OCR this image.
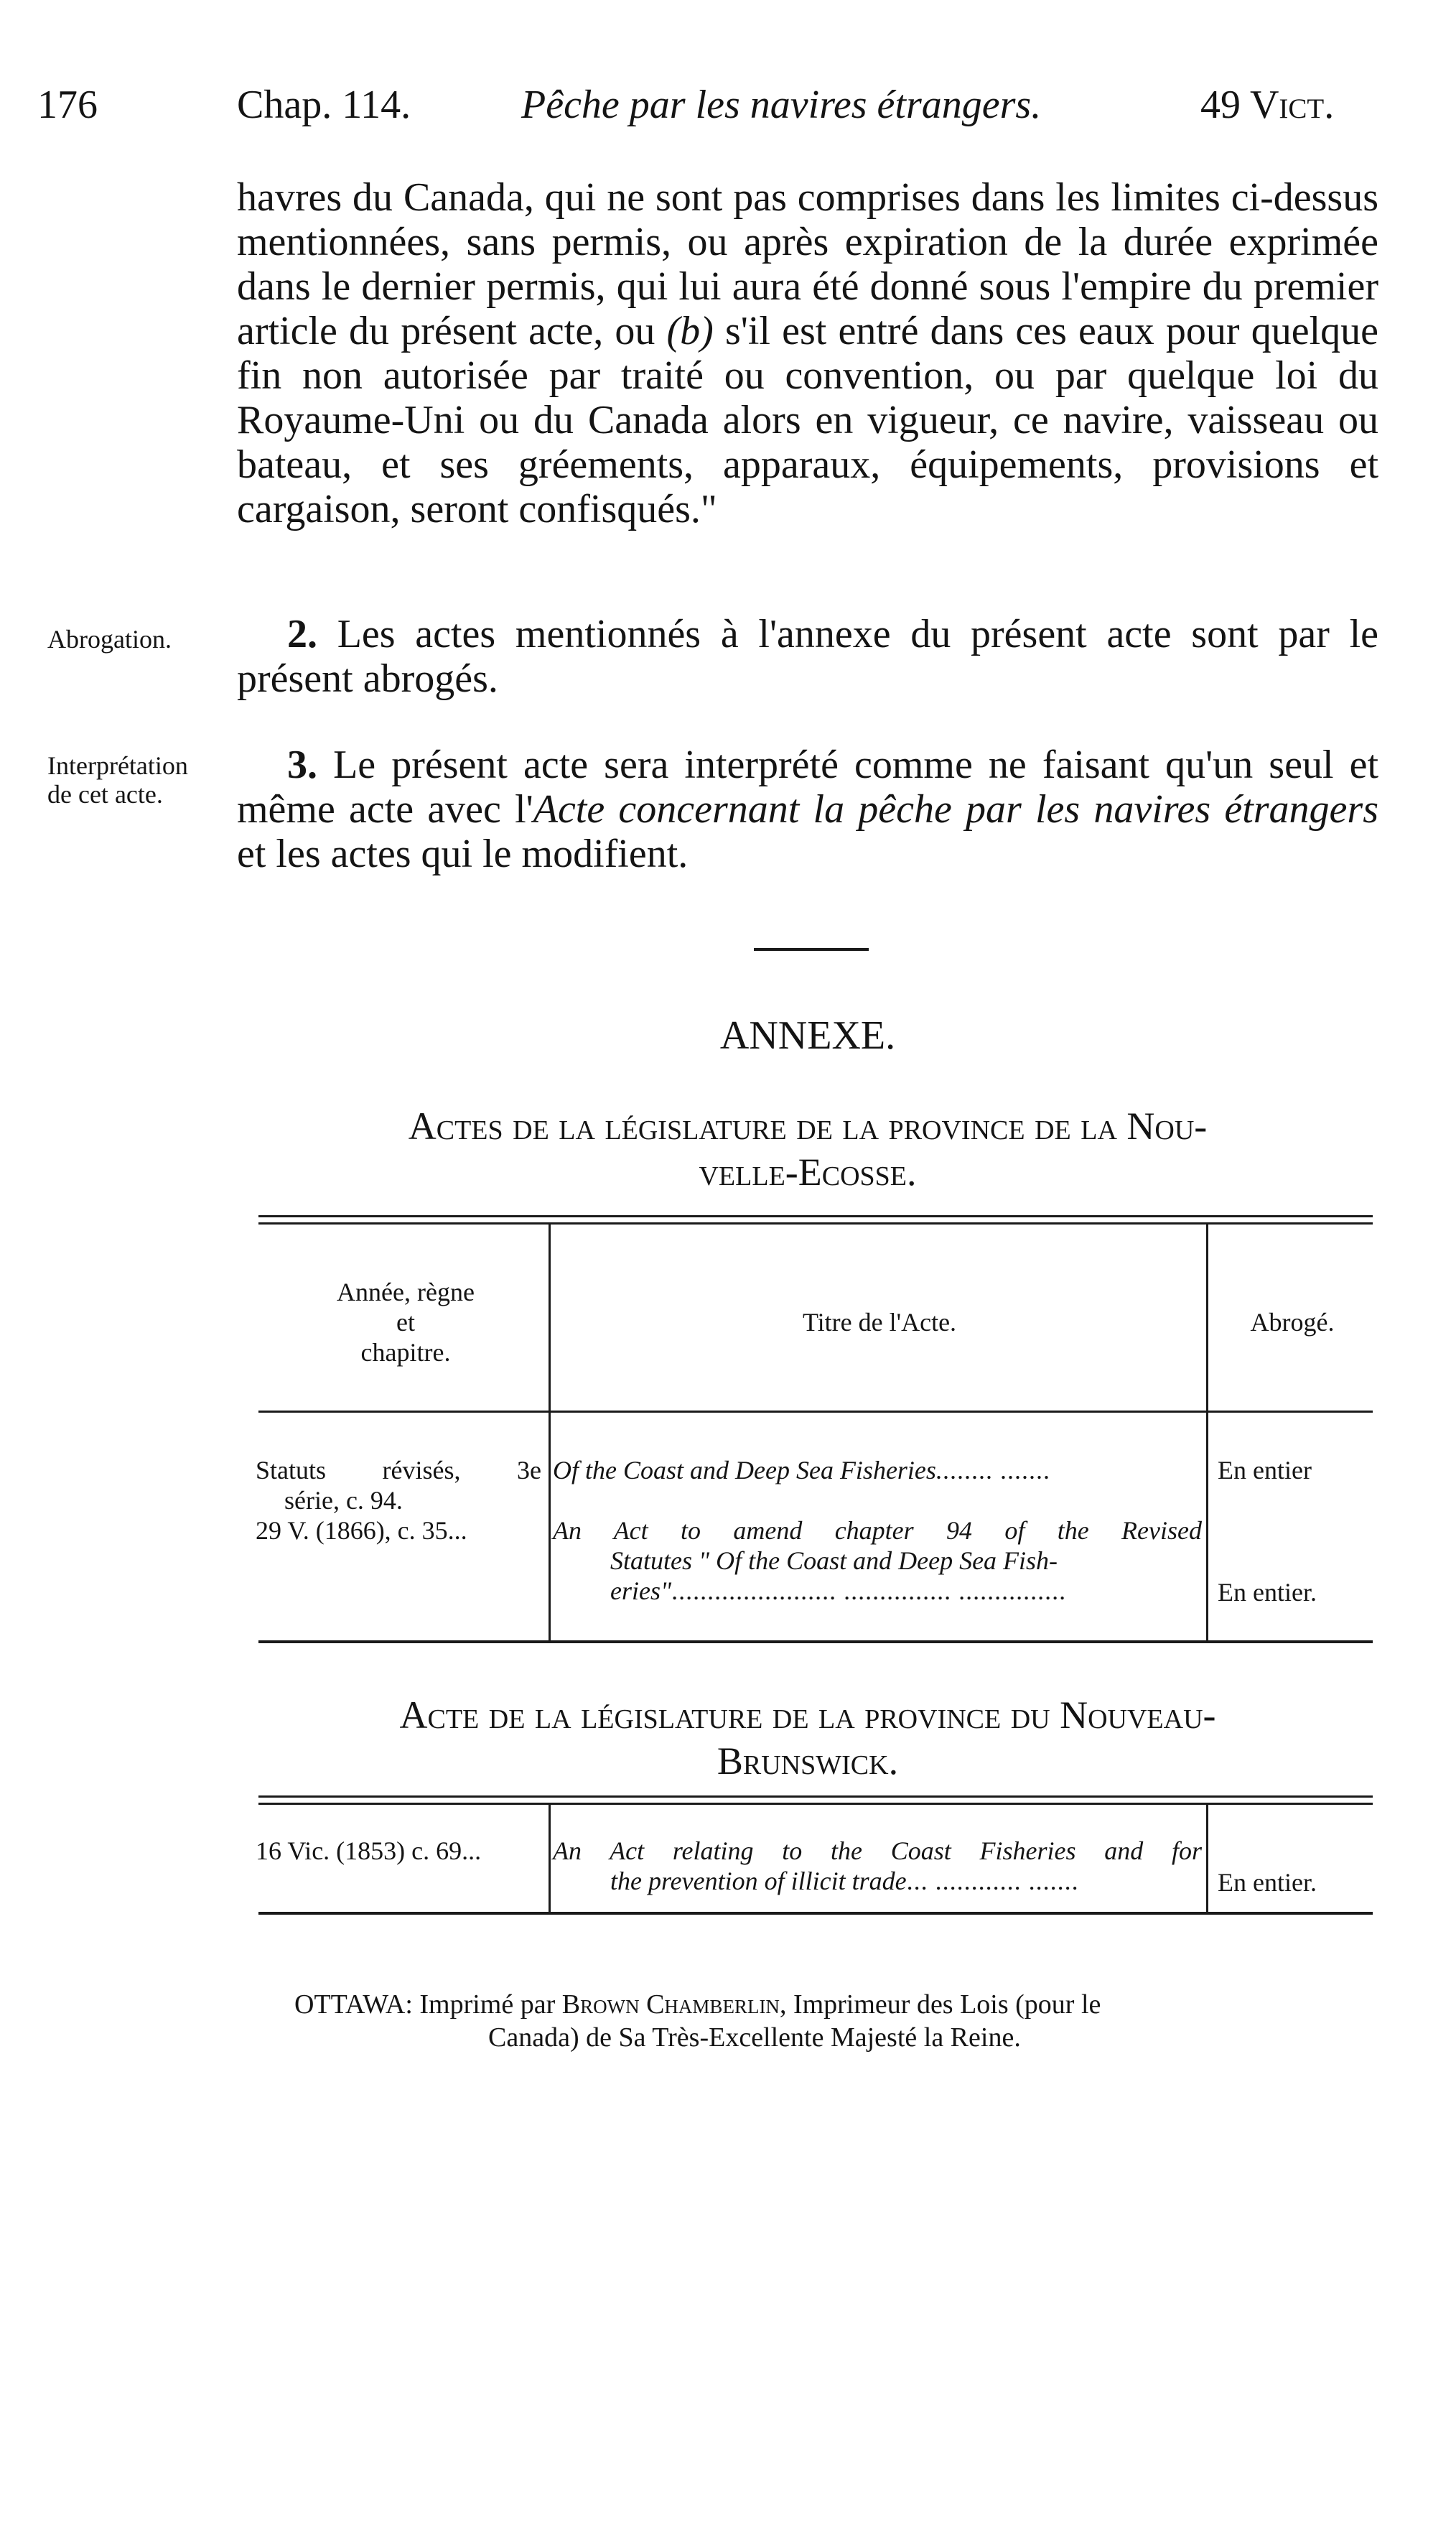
176	Chap. 114.	Pêche par les navires étrangers.	49 Vict.

havres du Canada, qui ne sont pas comprises dans les limites ci-dessus mentionnées, sans permis, ou après expiration de la durée exprimée dans le dernier permis, qui lui aura été donné sous l'empire du premier article du présent acte, ou (b) s'il est entré dans ces eaux pour quelque fin non autorisée par traité ou convention, ou par quelque loi du Royaume-Uni ou du Canada alors en vigueur, ce navire, vaisseau ou bateau, et ses gréements, apparaux, équipements, provisions et cargaison, seront confisqués."

Abrogation.	2. Les actes mentionnés à l'annexe du présent acte sont par le présent abrogés.

Interprétation
de cet acte.

3. Le présent acte sera interprété comme ne faisant qu'un seul et même acte avec l'Acte concernant la pêche par les navires étrangers et les actes qui le modifient.

ANNEXE.
Actes de la législature de la province de la Nou-
velle-Ecosse.
Année, règne
et
chapitre.
Titre de l'Acte.	Abrogé.
Statuts révisés, 3e
série, c. 94.
Of the Coast and Deep Sea Fisheries........ .......	En entier
29 V. (1866), c. 35...	An Act to amend chapter 94 of the Revised
Statutes " Of the Coast and Deep Sea Fish-
eries"....................... ............... ...............	En entier.
Acte de la législature de la province du Nouveau-
Brunswick.
16 Vic. (1853) c. 69...	An Act relating to the Coast Fisheries and for
the prevention of illicit trade... ............ .......	En entier.
OTTAWA: Imprimé par Brown Chamberlin, Imprimeur des Lois (pour le
Canada) de Sa Très-Excellente Majesté la Reine.
